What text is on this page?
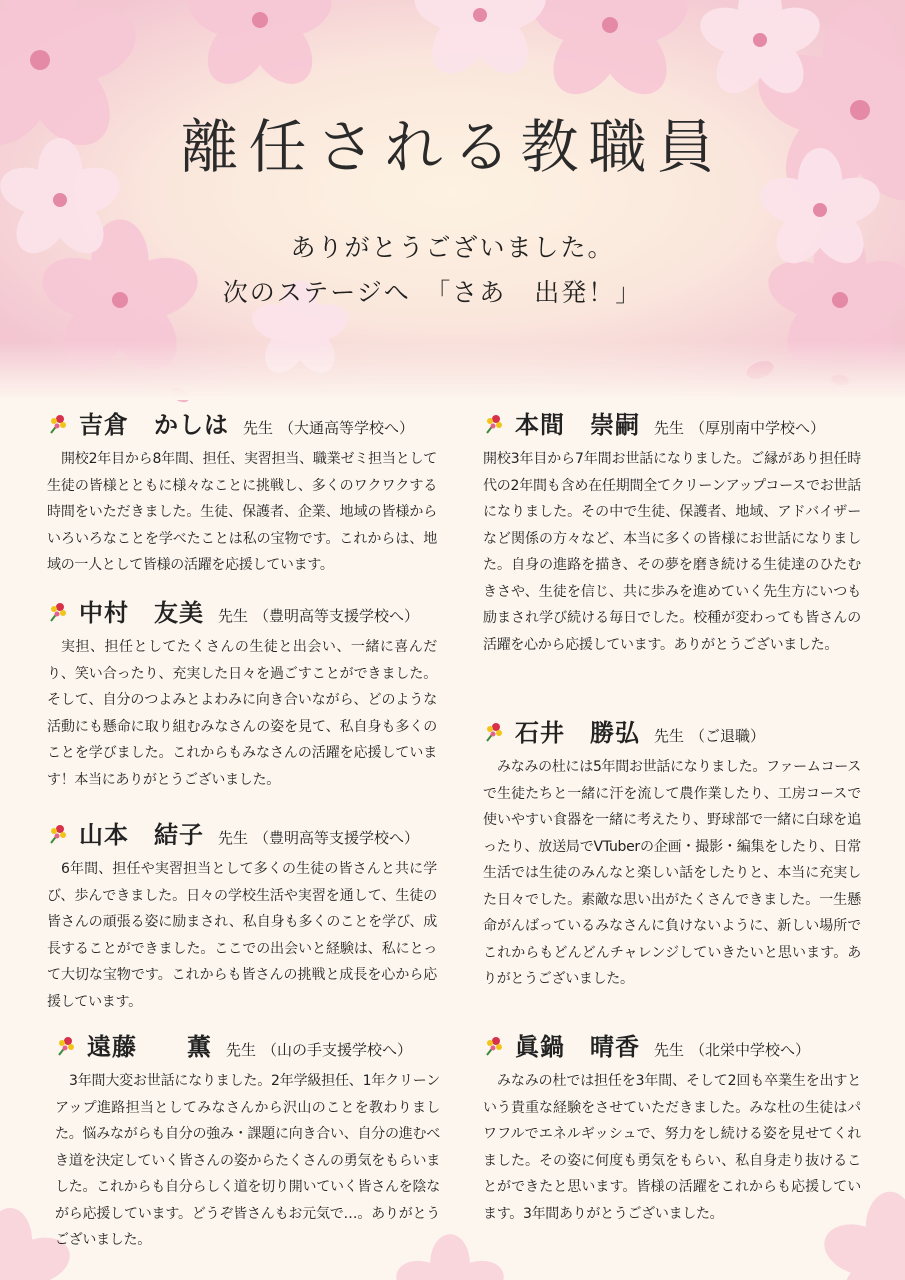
離任される教職員
ありがとうございました。
次のステージへ　「さあ 出発！」
吉倉　かしは 先生 （大通高等学校へ）
開校2年目から8年間、担任、実習担当、職業ゼミ担当として生徒の皆様とともに様々なことに挑戦し、多くのワクワクする時間をいただきました。生徒、保護者、企業、地域の皆様からいろいろなことを学べたことは私の宝物です。これからは、地域の一人として皆様の活躍を応援しています。
中村　友美 先生 （豊明高等支援学校へ）
実担、担任としてたくさんの生徒と出会い、一緒に喜んだり、笑い合ったり、充実した日々を過ごすことができました。そして、自分のつよみとよわみに向き合いながら、どのような活動にも懸命に取り組むみなさんの姿を見て、私自身も多くのことを学びました。これからもみなさんの活躍を応援しています！本当にありがとうございました。
山本　結子 先生 （豊明高等支援学校へ）
6年間、担任や実習担当として多くの生徒の皆さんと共に学び、歩んできました。日々の学校生活や実習を通して、生徒の皆さんの頑張る姿に励まされ、私自身も多くのことを学び、成長することができました。ここでの出会いと経験は、私にとって大切な宝物です。これからも皆さんの挑戦と成長を心から応援しています。
遠藤　　薫 先生 （山の手支援学校へ）
3年間大変お世話になりました。2年学級担任、1年クリーンアップ進路担当としてみなさんから沢山のことを教わりました。悩みながらも自分の強み・課題に向き合い、自分の進むべき道を決定していく皆さんの姿からたくさんの勇気をもらいました。これからも自分らしく道を切り開いていく皆さんを陰ながら応援しています。どうぞ皆さんもお元気で…。ありがとうございました。
本間　崇嗣 先生 （厚別南中学校へ）
開校3年目から7年間お世話になりました。ご縁があり担任時代の2年間も含め在任期間全てクリーンアップコースでお世話になりました。その中で生徒、保護者、地域、アドバイザーなど関係の方々など、本当に多くの皆様にお世話になりました。自身の進路を描き、その夢を磨き続ける生徒達のひたむきさや、生徒を信じ、共に歩みを進めていく先生方にいつも励まされ学び続ける毎日でした。校種が変わっても皆さんの活躍を心から応援しています。ありがとうございました。
石井　勝弘 先生 （ご退職）
みなみの杜には5年間お世話になりました。ファームコースで生徒たちと一緒に汗を流して農作業したり、工房コースで使いやすい食器を一緒に考えたり、野球部で一緒に白球を追ったり、放送局でVTuberの企画・撮影・編集をしたり、日常生活では生徒のみんなと楽しい話をしたりと、本当に充実した日々でした。素敵な思い出がたくさんできました。一生懸命がんばっているみなさんに負けないように、新しい場所でこれからもどんどんチャレンジしていきたいと思います。ありがとうございました。
眞鍋　晴香 先生 （北栄中学校へ）
みなみの杜では担任を3年間、そして2回も卒業生を出すという貴重な経験をさせていただきました。みな杜の生徒はパワフルでエネルギッシュで、努力をし続ける姿を見せてくれました。その姿に何度も勇気をもらい、私自身走り抜けることができたと思います。皆様の活躍をこれからも応援しています。3年間ありがとうございました。
